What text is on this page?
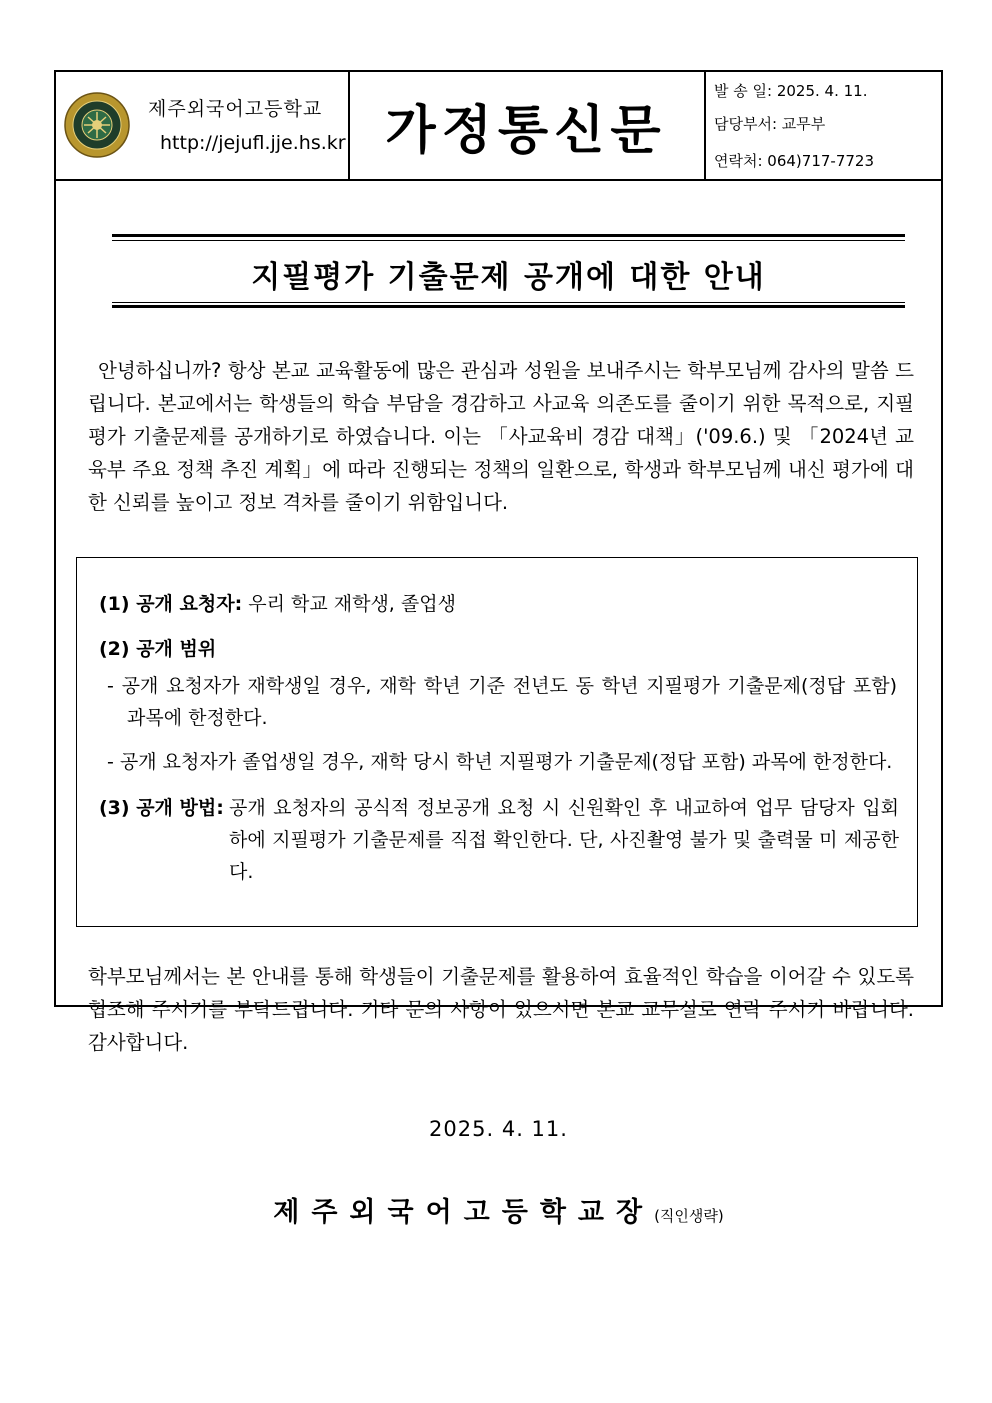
제주외국어고등학교
http://jejufl.jje.hs.kr 가정통신문
발 송 일: 2025. 4. 11.
담당부서: 교무부
연락처: 064)717-7723
지필평가 기출문제 공개에 대한 안내
안녕하십니까? 항상 본교 교육활동에 많은 관심과 성원을 보내주시는 학부모님께 감사의 말씀 드립니다. 본교에서는 학생들의 학습 부담을 경감하고 사교육 의존도를 줄이기 위한 목적으로, 지필평가 기출문제를 공개하기로 하였습니다. 이는 「사교육비 경감 대책」('09.6.) 및 「2024년 교육부 주요 정책 추진 계획」에 따라 진행되는 정책의 일환으로, 학생과 학부모님께 내신 평가에 대한 신뢰를 높이고 정보 격차를 줄이기 위함입니다.
(1) 공개 요청자: 우리 학교 재학생, 졸업생
(2) 공개 범위
- 공개 요청자가 재학생일 경우, 재학 학년 기준 전년도 동 학년 지필평가 기출문제(정답 포함) 과목에 한정한다.
- 공개 요청자가 졸업생일 경우, 재학 당시 학년 지필평가 기출문제(정답 포함) 과목에 한정한다.
(3) 공개 방법: 공개 요청자의 공식적 정보공개 요청 시 신원확인 후 내교하여 업무 담당자 입회하에 지필평가 기출문제를 직접 확인한다. 단, 사진촬영 불가 및 출력물 미 제공한다.
학부모님께서는 본 안내를 통해 학생들이 기출문제를 활용하여 효율적인 학습을 이어갈 수 있도록 협조해 주시기를 부탁드립니다. 기타 문의 사항이 있으시면 본교 교무실로 연락 주시기 바랍니다. 감사합니다.
2025. 4. 11.
제주외국어고등학교장(직인생략)
